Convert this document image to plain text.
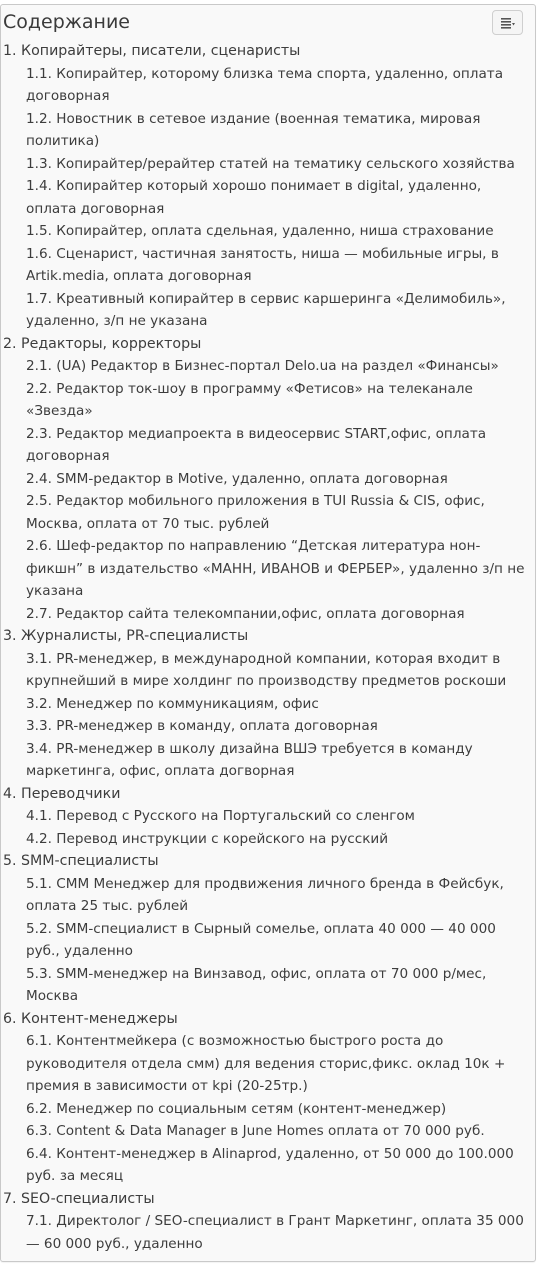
Содержание
1. Копирайтеры, писатели, сценаристы
1.1. Копирайтер, которому близка тема спорта, удаленно, оплата договорная
1.2. Новостник в сетевое издание (военная тематика, мировая политика)
1.3. Копирайтер/рерайтер статей на тематику сельского хозяйства
1.4. Копирайтер который хорошо понимает в digital, удаленно, оплата договорная
1.5. Копирайтер, оплата сдельная, удаленно, ниша страхование
1.6. Сценарист, частичная занятость, ниша — мобильные игры, в Artik.media, оплата договорная
1.7. Креативный копирайтер в сервис каршеринга «Делимобиль», удаленно, з/п не указана
2. Редакторы, корректоры
2.1. (UA) Редактор в Бизнес-портал Delo.ua на раздел «Финансы»
2.2. Редактор ток-шоу в программу «Фетисов» на телеканале «Звезда»
2.3. Редактор медиапроекта в видеосервис START,офис, оплата договорная
2.4. SMM-редактор в Motive, удаленно, оплата договорная
2.5. Редактор мобильного приложения в TUI Russia & CIS, офис, Москва, оплата от 70 тыс. рублей
2.6. Шеф-редактор по направлению “Детская литература нон-фикшн” в издательство «МАНН, ИВАНОВ и ФЕРБЕР», удаленно з/п не указана
2.7. Редактор сайта телекомпании,офис, оплата договорная
3. Журналисты, PR-специалисты
3.1. PR-менеджер, в международной компании, которая входит в крупнейший в мире холдинг по производству предметов роскоши
3.2. Менеджер по коммуникациям, офис
3.3. PR-менеджер в команду, оплата договорная
3.4. PR-менеджер в школу дизайна ВШЭ требуется в команду маркетинга, офис, оплата догворная
4. Переводчики
4.1. Перевод с Русского на Португальский со сленгом
4.2. Перевод инструкции с корейского на русский
5. SMM-специалисты
5.1. CMM Менеджер для продвижения личного бренда в Фейсбук, оплата 25 тыс. рублей
5.2. SMM-специалист в Сырный сомелье, оплата 40 000 — 40 000 руб., удаленно
5.3. SMM-менеджер на Винзавод, офис, оплата от 70 000 р/мес, Москва
6. Контент-менеджеры
6.1. Контентмейкера (с возможностью быстрого роста до руководителя отдела смм) для ведения сторис,фикс. оклад 10к + премия в зависимости от kpi (20-25тр.)
6.2. Менеджер по социальным сетям (контент-менеджер)
6.3. Content & Data Manager в June Homes оплата от 70 000 руб.
6.4. Контент-менеджер в Alinaprod, удаленно, от 50 000 до 100.000 руб. за месяц
7. SEO-специалисты
7.1. Директолог / SEO-специалист в Грант Маркетинг, оплата 35 000 — 60 000 руб., удаленно
